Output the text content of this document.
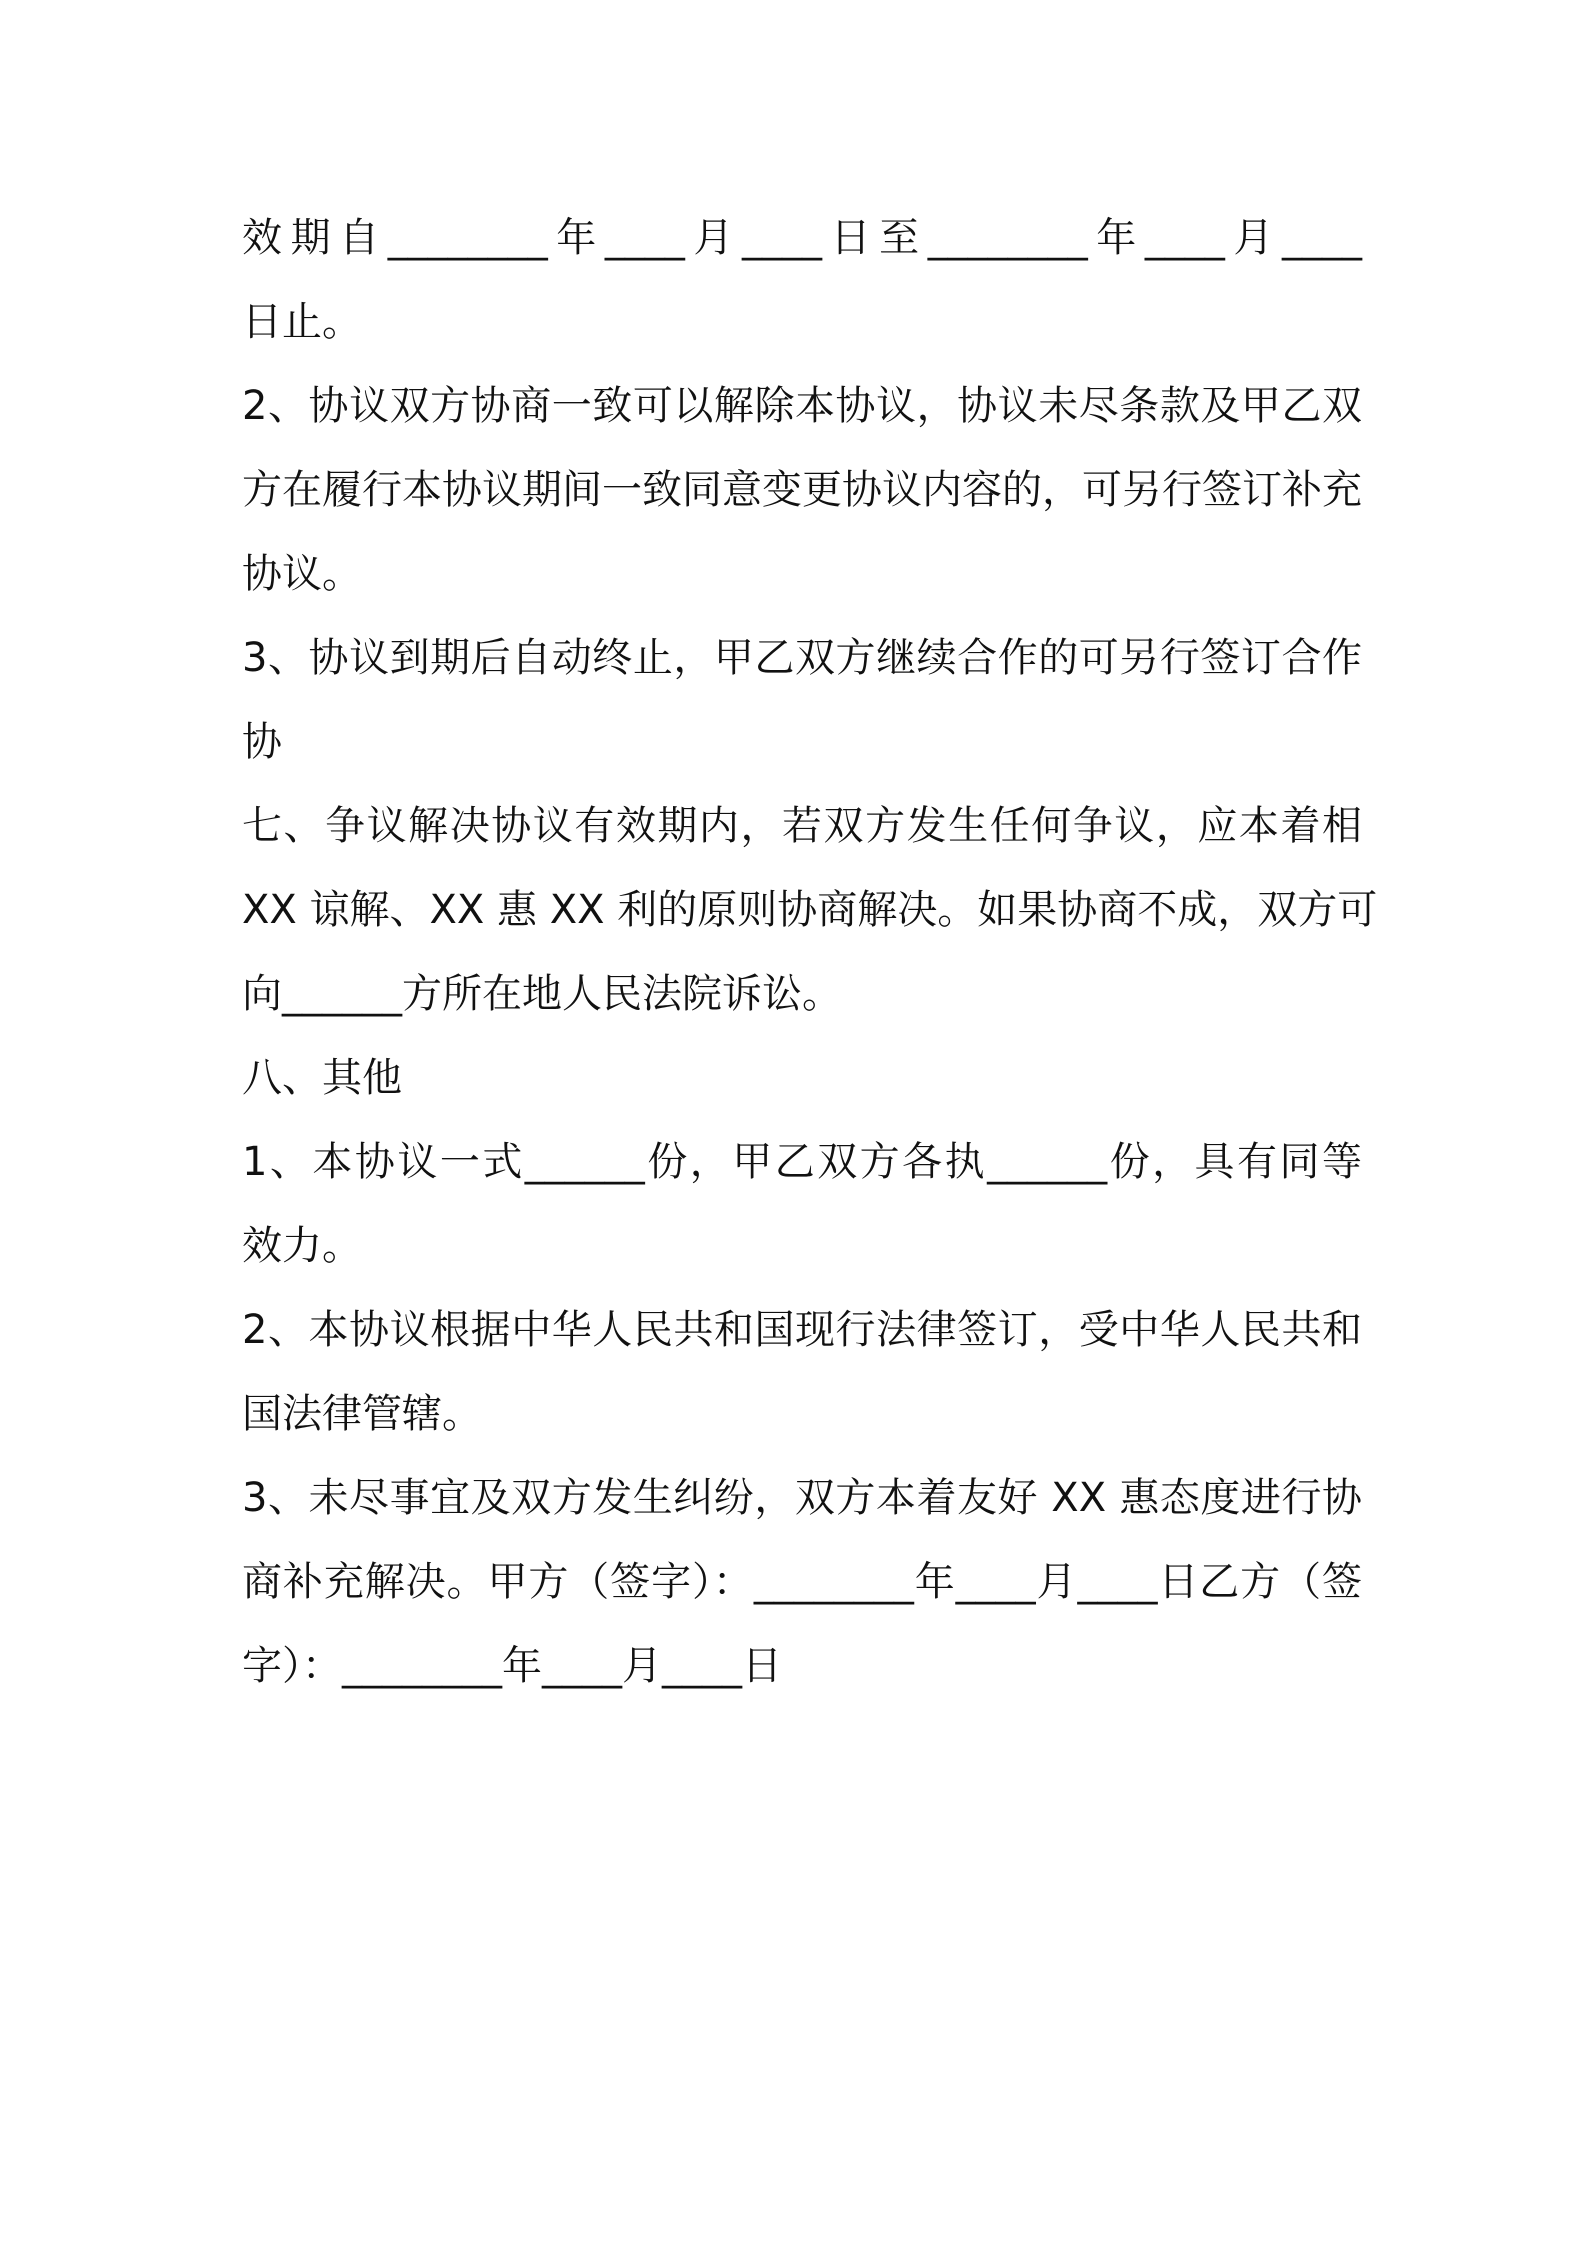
效期自________年____月____日至________年____月____
日止。
2、协议双方协商一致可以解除本协议，协议未尽条款及甲乙双
方在履行本协议期间一致同意变更协议内容的，可另行签订补充
协议。
3、协议到期后自动终止，甲乙双方继续合作的可另行签订合作
协
七、争议解决协议有效期内，若双方发生任何争议，应本着相
XX 谅解、XX 惠 XX 利的原则协商解决。如果协商不成，双方可
向______方所在地人民法院诉讼。
八、其他
1、本协议一式______份，甲乙双方各执______份，具有同等
效力。
2、本协议根据中华人民共和国现行法律签订，受中华人民共和
国法律管辖。
3、未尽事宜及双方发生纠纷，双方本着友好 XX 惠态度进行协
商补充解决。甲方（签字）：________年____月____日乙方（签
字）：________年____月____日
